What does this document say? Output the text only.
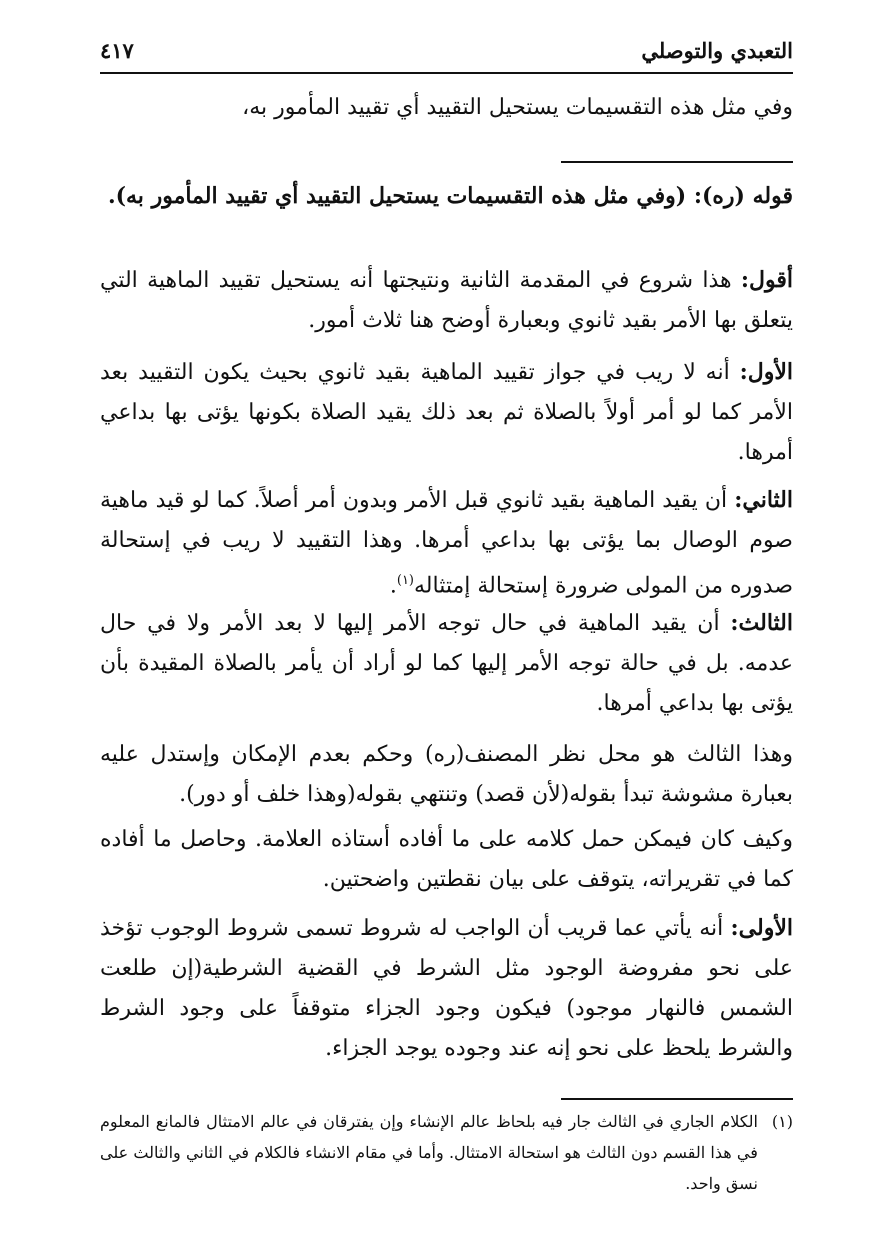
التعبدي والتوصلي
٤١٧
وفي مثل هذه التقسيمات يستحيل التقييد أي تقييد المأمور به،
قوله (ره): (وفي مثل هذه التقسيمات يستحيل التقييد أي تقييد المأمور به).
أقول: هذا شروع في المقدمة الثانية ونتيجتها أنه يستحيل تقييد الماهية التي يتعلق بها الأمر بقيد ثانوي وبعبارة أوضح هنا ثلاث أمور.
الأول: أنه لا ريب في جواز تقييد الماهية بقيد ثانوي بحيث يكون التقييد بعد الأمر كما لو أمر أولاً بالصلاة ثم بعد ذلك يقيد الصلاة بكونها يؤتى بها بداعي أمرها.
الثاني: أن يقيد الماهية بقيد ثانوي قبل الأمر وبدون أمر أصلاً. كما لو قيد ماهية صوم الوصال بما يؤتى بها بداعي أمرها. وهذا التقييد لا ريب في إستحالة صدوره من المولى ضرورة إستحالة إمتثاله$^{(١)}$.
الثالث: أن يقيد الماهية في حال توجه الأمر إليها لا بعد الأمر ولا في حال عدمه. بل في حالة توجه الأمر إليها كما لو أراد أن يأمر بالصلاة المقيدة بأن يؤتى بها بداعي أمرها.
وهذا الثالث هو محل نظر المصنف(ره) وحكم بعدم الإمكان وإستدل عليه بعبارة مشوشة تبدأ بقوله(لأن قصد) وتنتهي بقوله(وهذا خلف أو دور).
وكيف كان فيمكن حمل كلامه على ما أفاده أستاذه العلامة. وحاصل ما أفاده كما في تقريراته، يتوقف على بيان نقطتين واضحتين.
الأولى: أنه يأتي عما قريب أن الواجب له شروط تسمى شروط الوجوب تؤخذ على نحو مفروضة الوجود مثل الشرط في القضية الشرطية(إن طلعت الشمس فالنهار موجود) فيكون وجود الجزاء متوقفاً على وجود الشرط والشرط يلحظ على نحو إنه عند وجوده يوجد الجزاء.
(١)
الكلام الجاري في الثالث جار فيه بلحاظ عالم الإنشاء وإن يفترقان في عالم الامتثال فالمانع المعلوم في هذا القسم دون الثالث هو استحالة الامتثال. وأما في مقام الانشاء فالكلام في الثاني والثالث على نسق واحد.
